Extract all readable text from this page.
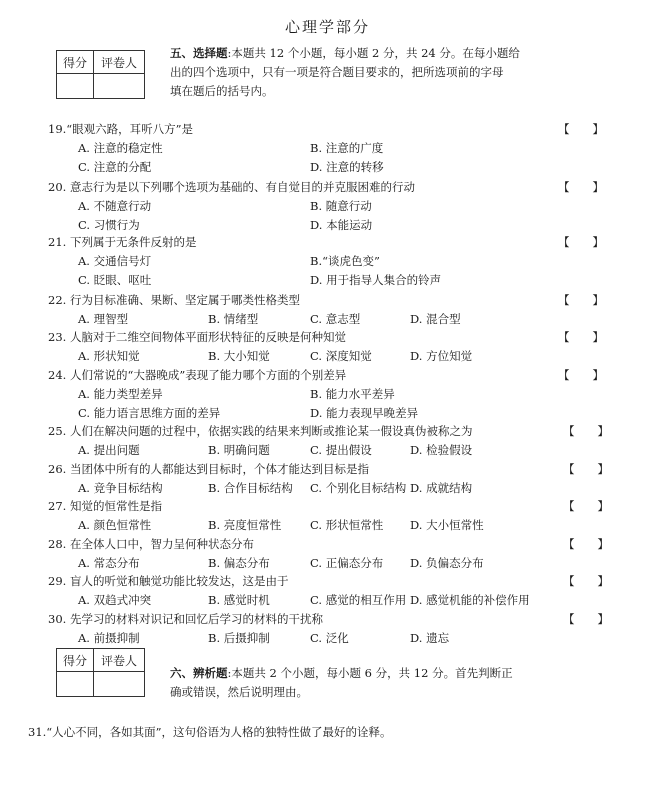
心理学部分
得分	评卷人

五、选择题:本题共 12 个小题，每小题 2 分，共 24 分。在每小题给
出的四个选项中，只有一项是符合题目要求的，把所选项前的字母
填在题后的括号内。
19.“眼观六路，耳听八方”是	【　　】
A. 注意的稳定性	B. 注意的广度
C. 注意的分配	D. 注意的转移
20. 意志行为是以下列哪个选项为基础的、有自觉目的并克服困难的行动	【　　】
A. 不随意行动	B. 随意行动
C. 习惯行为	D. 本能运动
21. 下列属于无条件反射的是	【　　】
A. 交通信号灯	B.“谈虎色变”
C. 眨眼、呕吐	D. 用于指导人集合的铃声
22. 行为目标准确、果断、坚定属于哪类性格类型	【　　】
A. 理智型	B. 情绪型	C. 意志型	D. 混合型
23. 人脑对于二维空间物体平面形状特征的反映是何种知觉	【　　】
A. 形状知觉	B. 大小知觉	C. 深度知觉	D. 方位知觉
24. 人们常说的“大器晚成”表现了能力哪个方面的个别差异	【　　】
A. 能力类型差异	B. 能力水平差异
C. 能力语言思维方面的差异	D. 能力表现早晚差异
25. 人们在解决问题的过程中，依据实践的结果来判断或推论某一假设真伪被称之为	【　　】
A. 提出问题	B. 明确问题	C. 提出假设	D. 检验假设
26. 当团体中所有的人都能达到目标时，个体才能达到目标是指	【　　】
A. 竞争目标结构	B. 合作目标结构 C. 个别化目标结构 D. 成就结构
27. 知觉的恒常性是指	【　　】
A. 颜色恒常性	B. 亮度恒常性 C. 形状恒常性 D. 大小恒常性
28. 在全体人口中，智力呈何种状态分布	【　　】
A. 常态分布	B. 偏态分布	C. 正偏态分布 D. 负偏态分布
29. 盲人的听觉和触觉功能比较发达，这是由于	【　　】
A. 双趋式冲突	B. 感觉时机	C. 感觉的相互作用 D. 感觉机能的补偿作用
30. 先学习的材料对识记和回忆后学习的材料的干扰称	【　　】
A. 前摄抑制	B. 后摄抑制	C. 泛化	D. 遗忘
得分	评卷人

六、辨析题:本题共 2 个小题，每小题 6 分，共 12 分。首先判断正
确或错误，然后说明理由。
31.“人心不同，各如其面”，这句俗语为人格的独特性做了最好的诠释。
